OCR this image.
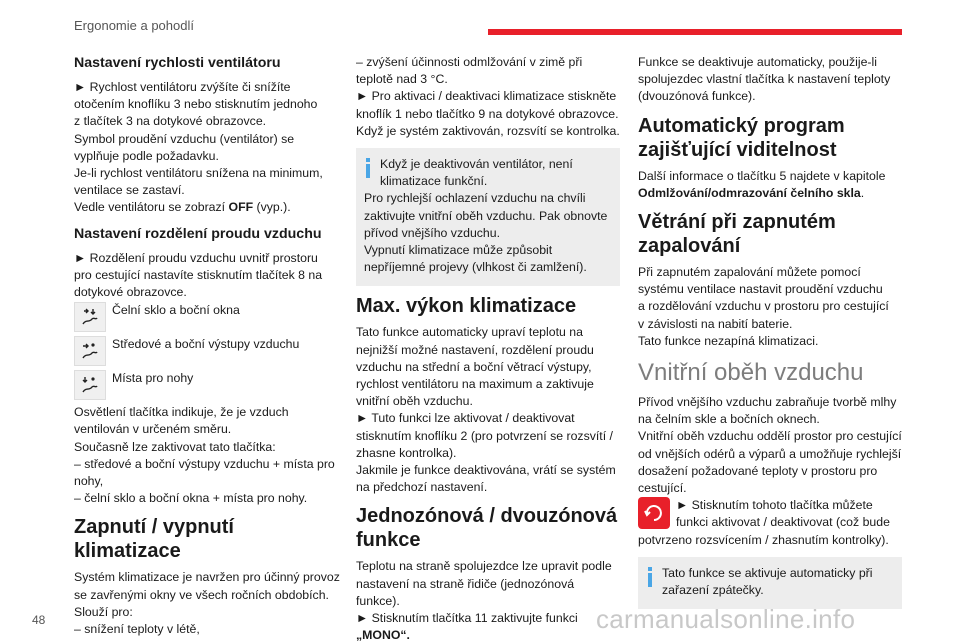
Ergonomie a pohodlí
Nastavení rychlosti ventilátoru

► Rychlost ventilátoru zvýšíte či snížíte

otočením knoflíku 3 nebo stisknutím jednoho

z tlačítek 3 na dotykové obrazovce.

Symbol proudění vzduchu (ventilátor) se

vyplňuje podle požadavku.

Je-li rychlost ventilátoru snížena na minimum,

ventilace se zastaví.

Vedle ventilátoru se zobrazí OFF (vyp.).

Nastavení rozdělení proudu vzduchu

► Rozdělení proudu vzduchu uvnitř prostoru

pro cestující nastavíte stisknutím tlačítek 8 na

dotykové obrazovce.

Čelní sklo a boční okna
Středové a boční výstupy vzduchu
Místa pro nohy

Osvětlení tlačítka indikuje, že je vzduch

ventilován v určeném směru.

Současně lze zaktivovat tato tlačítka:

– středové a boční výstupy vzduchu + místa pro

nohy,

– čelní sklo a boční okna + místa pro nohy.

Zapnutí / vypnutí klimatizace

Systém klimatizace je navržen pro účinný provoz

se zavřenými okny ve všech ročních obdobích.

Slouží pro:

– snížení teploty v létě,

– zvýšení účinnosti odmlžování v zimě při

teplotě nad 3 °C.

► Pro aktivaci / deaktivaci klimatizace stiskněte

knoflík 1 nebo tlačítko 9 na dotykové obrazovce.

Když je systém zaktivován, rozsvítí se kontrolka.

Když je deaktivován ventilátor, není

klimatizace funkční.

Pro rychlejší ochlazení vzduchu na chvíli

zaktivujte vnitřní oběh vzduchu. Pak obnovte

přívod vnějšího vzduchu.

Vypnutí klimatizace může způsobit

nepříjemné projevy (vlhkost či zamlžení).

Max. výkon klimatizace

Tato funkce automaticky upraví teplotu na

nejnižší možné nastavení, rozdělení proudu

vzduchu na střední a boční větrací výstupy,

rychlost ventilátoru na maximum a zaktivuje

vnitřní oběh vzduchu.

► Tuto funkci lze aktivovat / deaktivovat

stisknutím knoflíku 2 (pro potvrzení se rozsvítí /

zhasne kontrolka).

Jakmile je funkce deaktivována, vrátí se systém

na předchozí nastavení.

Jednozónová / dvouzónová funkce

Teplotu na straně spolujezdce lze upravit podle

nastavení na straně řidiče (jednozónová funkce).

► Stisknutím tlačítka 11 zaktivujte funkci

„MONO“.

Funkce se deaktivuje automaticky, použije-li

spolujezdec vlastní tlačítka k nastavení teploty

(dvouzónová funkce).

Automatický program zajišťující viditelnost

Další informace o tlačítku 5 najdete v kapitole

Odmlžování/odmrazování čelního skla.

Větrání při zapnutém zapalování

Při zapnutém zapalování můžete pomocí

systému ventilace nastavit proudění vzduchu

a rozdělování vzduchu v prostoru pro cestující

v závislosti na nabití baterie.

Tato funkce nezapíná klimatizaci.

Vnitřní oběh vzduchu

Přívod vnějšího vzduchu zabraňuje tvorbě mlhy

na čelním skle a bočních oknech.

Vnitřní oběh vzduchu oddělí prostor pro cestující

od vnějších odérů a výparů a umožňuje rychlejší

dosažení požadované teploty v prostoru pro

cestující.

► Stisknutím tohoto tlačítka můžete

funkci aktivovat / deaktivovat (což bude

potvrzeno rozsvícením / zhasnutím kontrolky).

Tato funkce se aktivuje automaticky při

zařazení zpátečky.

48	carmanualsonline.info
